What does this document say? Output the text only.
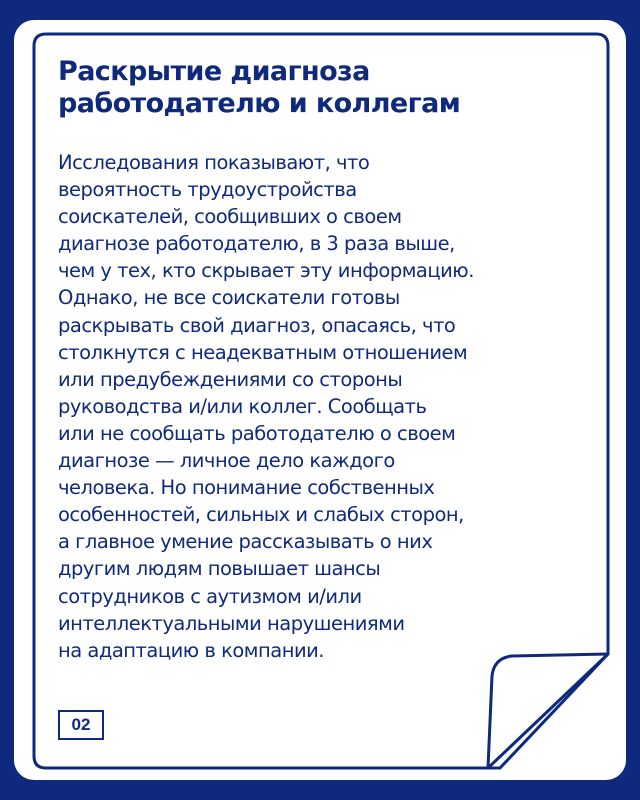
Раскрытие диагноза
работодателю и коллегам

Исследования показывают, что
вероятность трудоустройства
соискателей, сообщивших о своем
диагнозе работодателю, в 3 раза выше,
чем у тех, кто скрывает эту информацию.
Однако, не все соискатели готовы
раскрывать свой диагноз, опасаясь, что
столкнутся с неадекватным отношением
или предубеждениями со стороны
руководства и/или коллег. Сообщать
или не сообщать работодателю о своем
диагнозе — личное дело каждого
человека. Но понимание собственных
особенностей, сильных и слабых сторон,
а главное умение рассказывать о них
другим людям повышает шансы
сотрудников с аутизмом и/или
интеллектуальными нарушениями
на адаптацию в компании.

02
